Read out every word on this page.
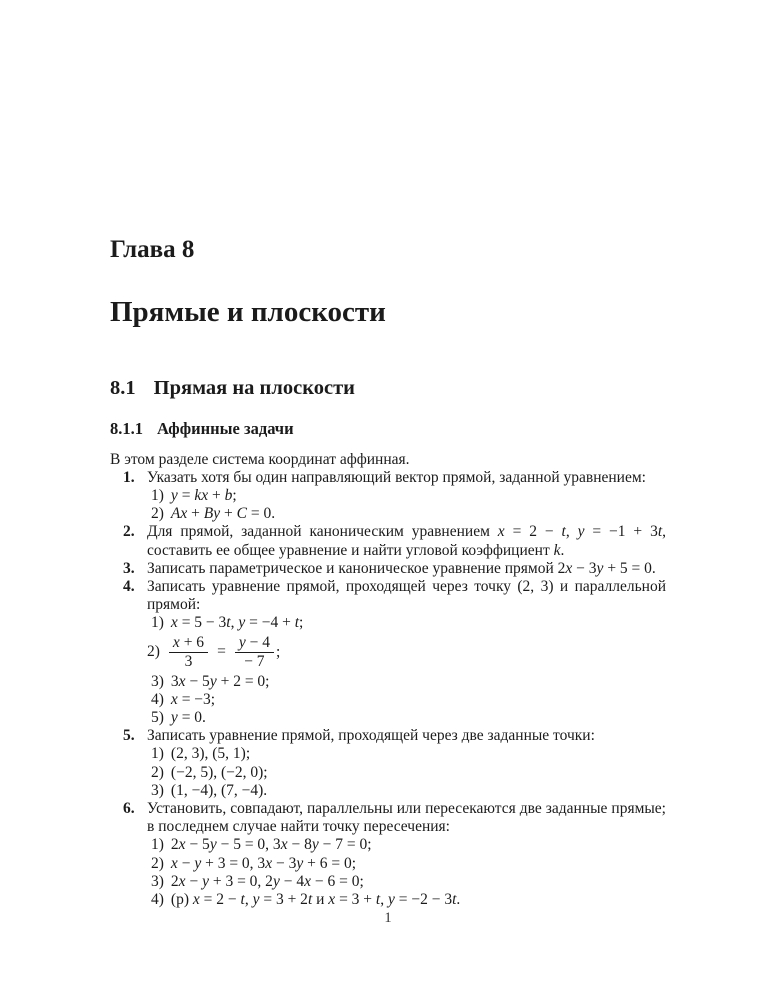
Глава 8
Прямые и плоскости
8.1 Прямая на плоскости
8.1.1 Аффинные задачи

В этом разделе система координат аффинная.

1. Указать хотя бы один направляющий вектор прямой, заданной уравнением:
1) y = kx + b;
2) Ax + By + C = 0.
2. Для прямой, заданной каноническим уравнением x = 2 − t, y = −1 + 3t, составить ее общее уравнение и найти угловой коэффициент k.
3. Записать параметрическое и каноническое уравнение прямой 2x − 3y + 5 = 0.
4. Записать уравнение прямой, проходящей через точку (2, 3) и параллельной прямой:
1) x = 5 − 3t, y = −4 + t;
$2) \frac{x + 6}{3} = \frac{y - 4}{- 7}$ ;
3) 3x − 5y + 2 = 0;
4) x = −3;
5) y = 0.
5. Записать уравнение прямой, проходящей через две заданные точки:
1) (2, 3), (5, 1);
2) (−2, 5), (−2, 0);
3) (1, −4), (7, −4).
6. Установить, совпадают, параллельны или пересекаются две заданные прямые; в последнем случае найти точку пересечения:
1) 2x − 5y − 5 = 0, 3x − 8y − 7 = 0;
2) x − y + 3 = 0, 3x − 3y + 6 = 0;
3) 2x − y + 3 = 0, 2y − 4x − 6 = 0;
4) (р) x = 2 − t, y = 3 + 2t и x = 3 + t, y = −2 − 3t.
1
